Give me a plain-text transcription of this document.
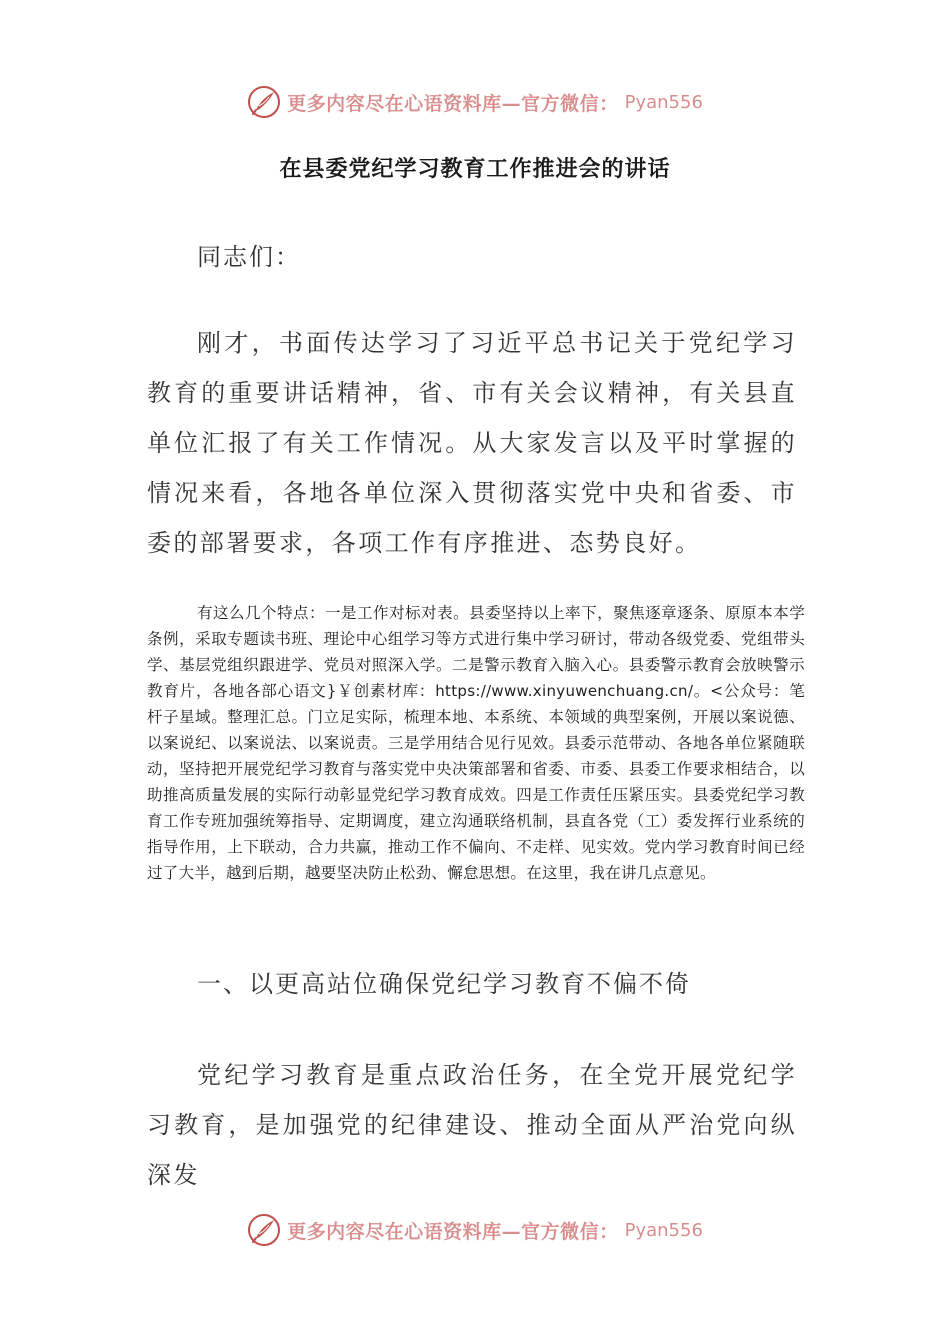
更多内容尽在心语资料库—官方微信： Pyan556
在县委党纪学习教育工作推进会的讲话
同志们：

刚才，书面传达学习了习近平总书记关于党纪学习教育的重要讲话精神，省、市有关会议精神，有关县直单位汇报了有关工作情况。从大家发言以及平时掌握的情况来看，各地各单位深入贯彻落实党中央和省委、市委的部署要求，各项工作有序推进、态势良好。

有这么几个特点：一是工作对标对表。县委坚持以上率下，聚焦逐章逐条、原原本本学条例，采取专题读书班、理论中心组学习等方式进行集中学习研讨，带动各级党委、党组带头学、基层党组织跟进学、党员对照深入学。二是警示教育入脑入心。县委警示教育会放映警示教育片，各地各部心语文}￥创素材库：https://www.xinyuwenchuang.cn/。<公众号：笔杆子星域。整理汇总。门立足实际，梳理本地、本系统、本领域的典型案例，开展以案说德、以案说纪、以案说法、以案说责。三是学用结合见行见效。县委示范带动、各地各单位紧随联动，坚持把开展党纪学习教育与落实党中央决策部署和省委、市委、县委工作要求相结合，以助推高质量发展的实际行动彰显党纪学习教育成效。四是工作责任压紧压实。县委党纪学习教育工作专班加强统筹指导、定期调度，建立沟通联络机制，县直各党（工）委发挥行业系统的指导作用，上下联动，合力共赢，推动工作不偏向、不走样、见实效。党内学习教育时间已经过了大半，越到后期，越要坚决防止松劲、懈怠思想。在这里，我在讲几点意见。

一、以更高站位确保党纪学习教育不偏不倚

党纪学习教育是重点政治任务，在全党开展党纪学习教育，是加强党的纪律建设、推动全面从严治党向纵深发

更多内容尽在心语资料库—官方微信： Pyan556
